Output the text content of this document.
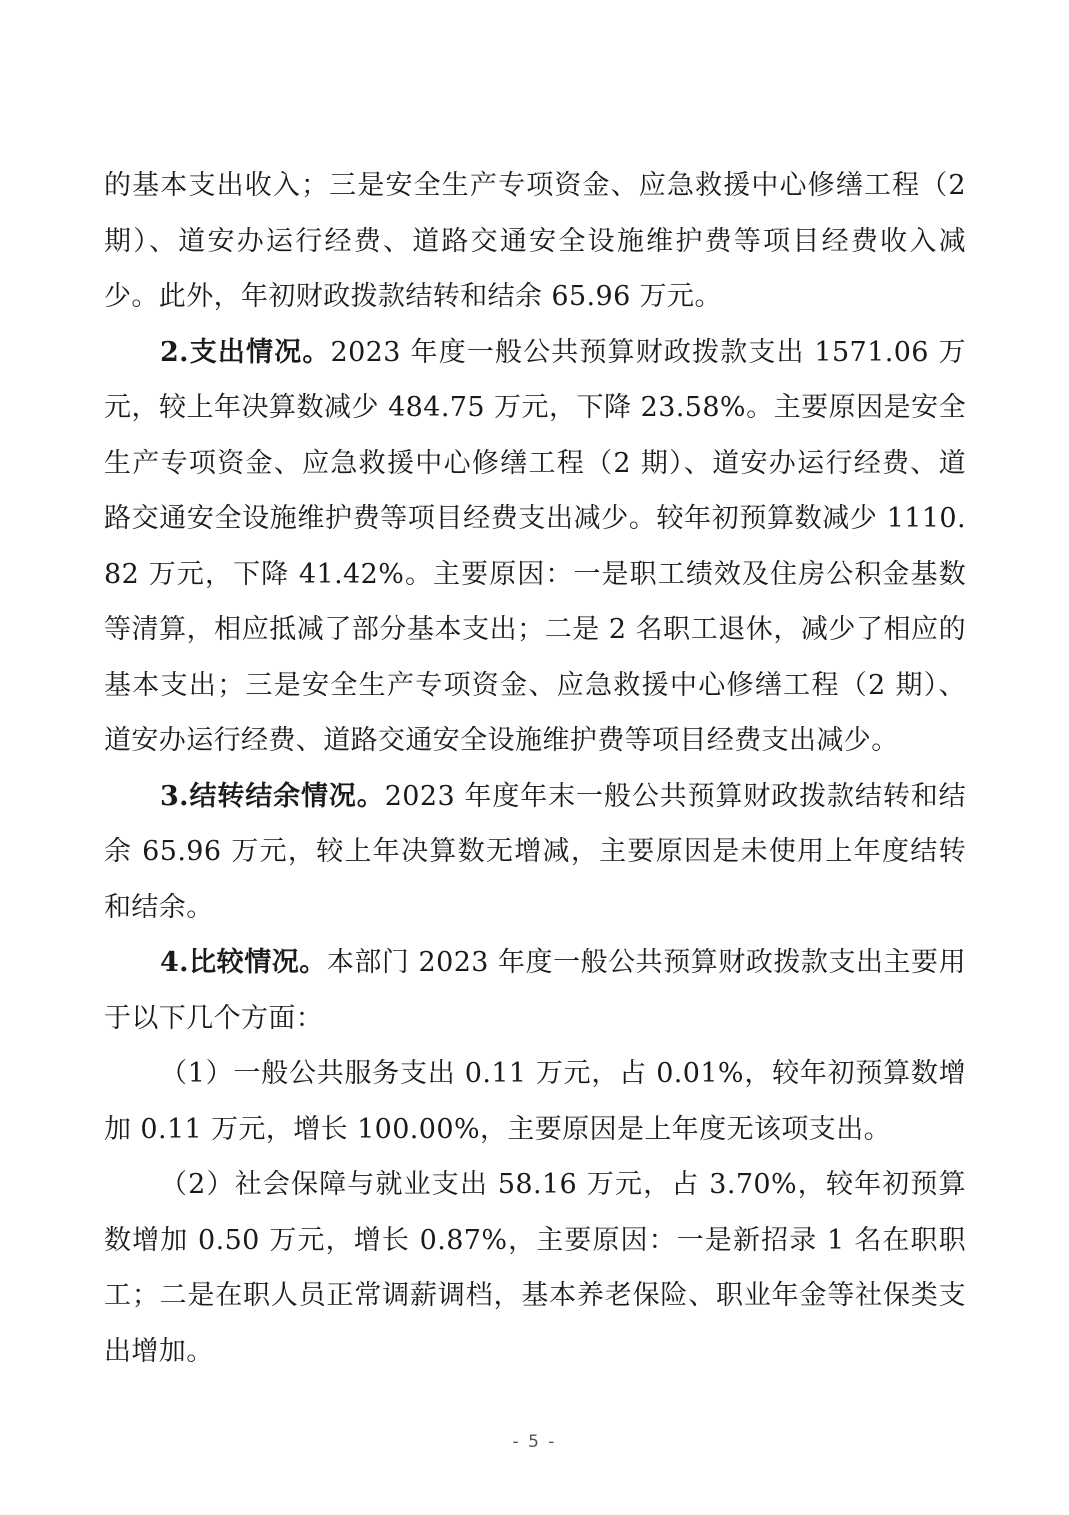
的基本支出收入；三是安全生产专项资金、应急救援中心修缮工程（2期）、道安办运行经费、道路交通安全设施维护费等项目经费收入减少。此外，年初财政拨款结转和结余 65.96 万元。

2.支出情况。2023 年度一般公共预算财政拨款支出 1571.06 万元，较上年决算数减少 484.75 万元，下降 23.58%。主要原因是安全生产专项资金、应急救援中心修缮工程（2 期）、道安办运行经费、道路交通安全设施维护费等项目经费支出减少。较年初预算数减少 1110.82 万元，下降 41.42%。主要原因：一是职工绩效及住房公积金基数等清算，相应抵减了部分基本支出；二是 2 名职工退休，减少了相应的基本支出；三是安全生产专项资金、应急救援中心修缮工程（2 期）、道安办运行经费、道路交通安全设施维护费等项目经费支出减少。

3.结转结余情况。2023 年度年末一般公共预算财政拨款结转和结余 65.96 万元，较上年决算数无增减，主要原因是未使用上年度结转和结余。

4.比较情况。本部门 2023 年度一般公共预算财政拨款支出主要用于以下几个方面：

（1）一般公共服务支出 0.11 万元，占 0.01%，较年初预算数增加 0.11 万元，增长 100.00%，主要原因是上年度无该项支出。

（2）社会保障与就业支出 58.16 万元，占 3.70%，较年初预算数增加 0.50 万元，增长 0.87%，主要原因：一是新招录 1 名在职职工；二是在职人员正常调薪调档，基本养老保险、职业年金等社保类支出增加。

- 5 -
